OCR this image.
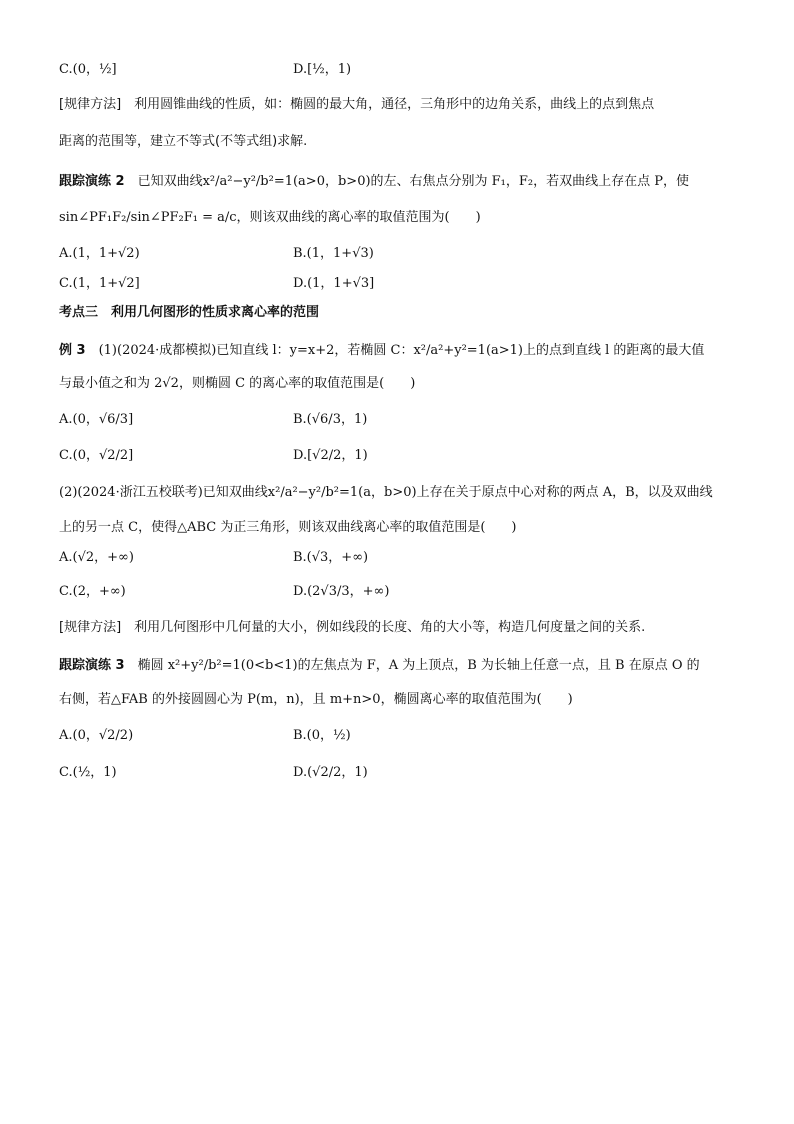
C.(0，½]	D.[½，1)
[规律方法]　利用圆锥曲线的性质，如：椭圆的最大角，通径，三角形中的边角关系，曲线上的点到焦点
距离的范围等，建立不等式(不等式组)求解.
跟踪演练 2　已知双曲线x²/a²−y²/b²=1(a>0，b>0)的左、右焦点分别为 F₁，F₂，若双曲线上存在点 P，使
sin∠PF₁F₂/sin∠PF₂F₁ = a/c，则该双曲线的离心率的取值范围为(　　)
A.(1，1+√2)	B.(1，1+√3)
C.(1，1+√2]	D.(1，1+√3]
考点三　利用几何图形的性质求离心率的范围
例 3　(1)(2024·成都模拟)已知直线 l：y=x+2，若椭圆 C：x²/a²+y²=1(a>1)上的点到直线 l 的距离的最大值
与最小值之和为 2√2，则椭圆 C 的离心率的取值范围是(　　)
A.(0，√6/3]	B.(√6/3，1)
C.(0，√2/2]	D.[√2/2，1)
(2)(2024·浙江五校联考)已知双曲线x²/a²−y²/b²=1(a，b>0)上存在关于原点中心对称的两点 A，B，以及双曲线
上的另一点 C，使得△ABC 为正三角形，则该双曲线离心率的取值范围是(　　)
A.(√2，+∞)	B.(√3，+∞)
C.(2，+∞)	D.(2√3/3，+∞)
[规律方法]　利用几何图形中几何量的大小，例如线段的长度、角的大小等，构造几何度量之间的关系.
跟踪演练 3　椭圆 x²+y²/b²=1(0<b<1)的左焦点为 F，A 为上顶点，B 为长轴上任意一点，且 B 在原点 O 的
右侧，若△FAB 的外接圆圆心为 P(m，n)，且 m+n>0，椭圆离心率的取值范围为(　　)
A.(0，√2/2)	B.(0，½)
C.(½，1)	D.(√2/2，1)
